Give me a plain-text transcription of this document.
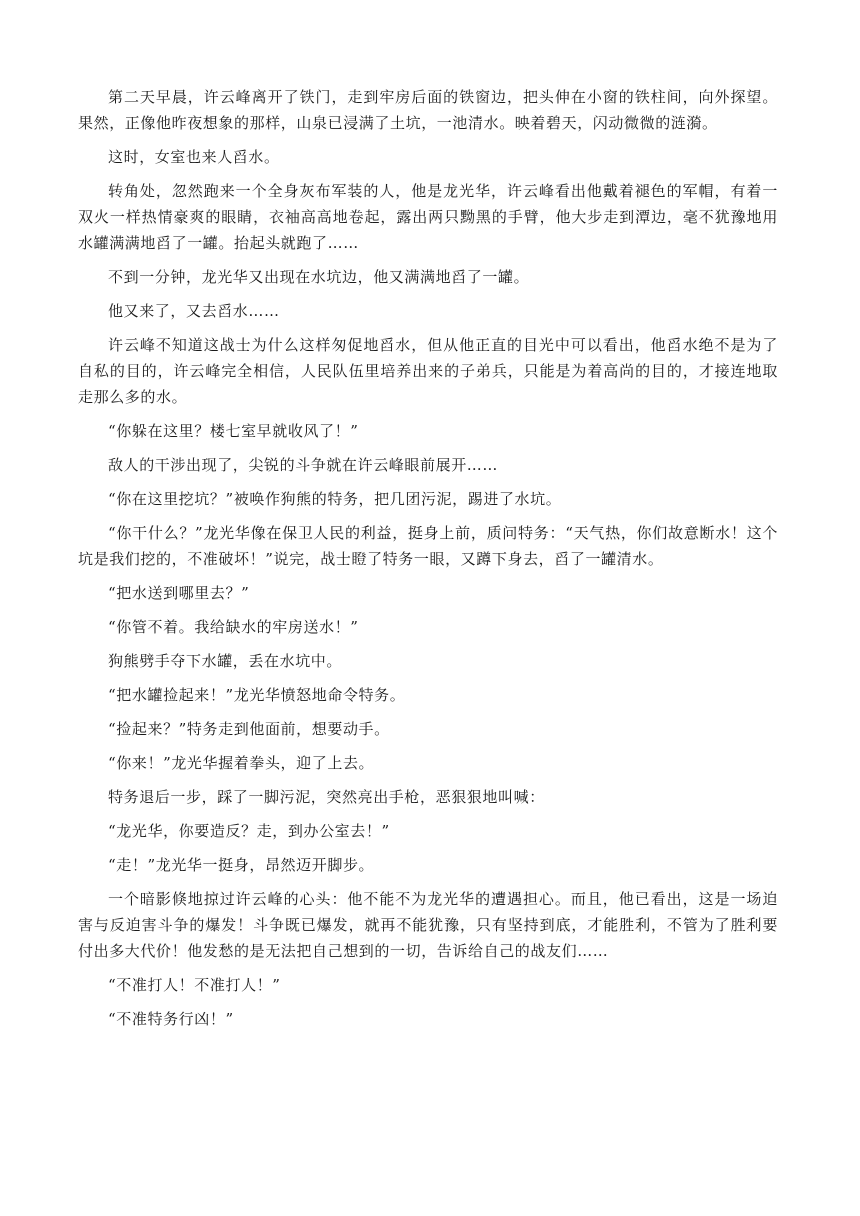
第二天早晨，许云峰离开了铁门，走到牢房后面的铁窗边，把头伸在小窗的铁柱间，向外探望。果然，正像他昨夜想象的那样，山泉已浸满了土坑，一池清水。映着碧天，闪动微微的涟漪。

这时，女室也来人舀水。

转角处，忽然跑来一个全身灰布军装的人，他是龙光华，许云峰看出他戴着褪色的军帽，有着一双火一样热情豪爽的眼睛，衣袖高高地卷起，露出两只黝黑的手臂，他大步走到潭边，毫不犹豫地用水罐满满地舀了一罐。抬起头就跑了……

不到一分钟，龙光华又出现在水坑边，他又满满地舀了一罐。

他又来了，又去舀水……

许云峰不知道这战士为什么这样匆促地舀水，但从他正直的目光中可以看出，他舀水绝不是为了自私的目的，许云峰完全相信，人民队伍里培养出来的子弟兵，只能是为着高尚的目的，才接连地取走那么多的水。

“你躲在这里？楼七室早就收风了！”

敌人的干涉出现了，尖锐的斗争就在许云峰眼前展开……

“你在这里挖坑？”被唤作狗熊的特务，把几团污泥，踢进了水坑。

“你干什么？”龙光华像在保卫人民的利益，挺身上前，质问特务：“天气热，你们故意断水！这个坑是我们挖的，不准破坏！”说完，战士瞪了特务一眼，又蹲下身去，舀了一罐清水。

“把水送到哪里去？”

“你管不着。我给缺水的牢房送水！”

狗熊劈手夺下水罐，丢在水坑中。

“把水罐捡起来！”龙光华愤怒地命令特务。

“捡起来？”特务走到他面前，想要动手。

“你来！”龙光华握着拳头，迎了上去。

特务退后一步，踩了一脚污泥，突然亮出手枪，恶狠狠地叫喊：

“龙光华，你要造反？走，到办公室去！”

“走！”龙光华一挺身，昂然迈开脚步。

一个暗影倏地掠过许云峰的心头：他不能不为龙光华的遭遇担心。而且，他已看出，这是一场迫害与反迫害斗争的爆发！斗争既已爆发，就再不能犹豫，只有坚持到底，才能胜利，不管为了胜利要付出多大代价！他发愁的是无法把自己想到的一切，告诉给自己的战友们……

“不准打人！不准打人！”

“不准特务行凶！”
